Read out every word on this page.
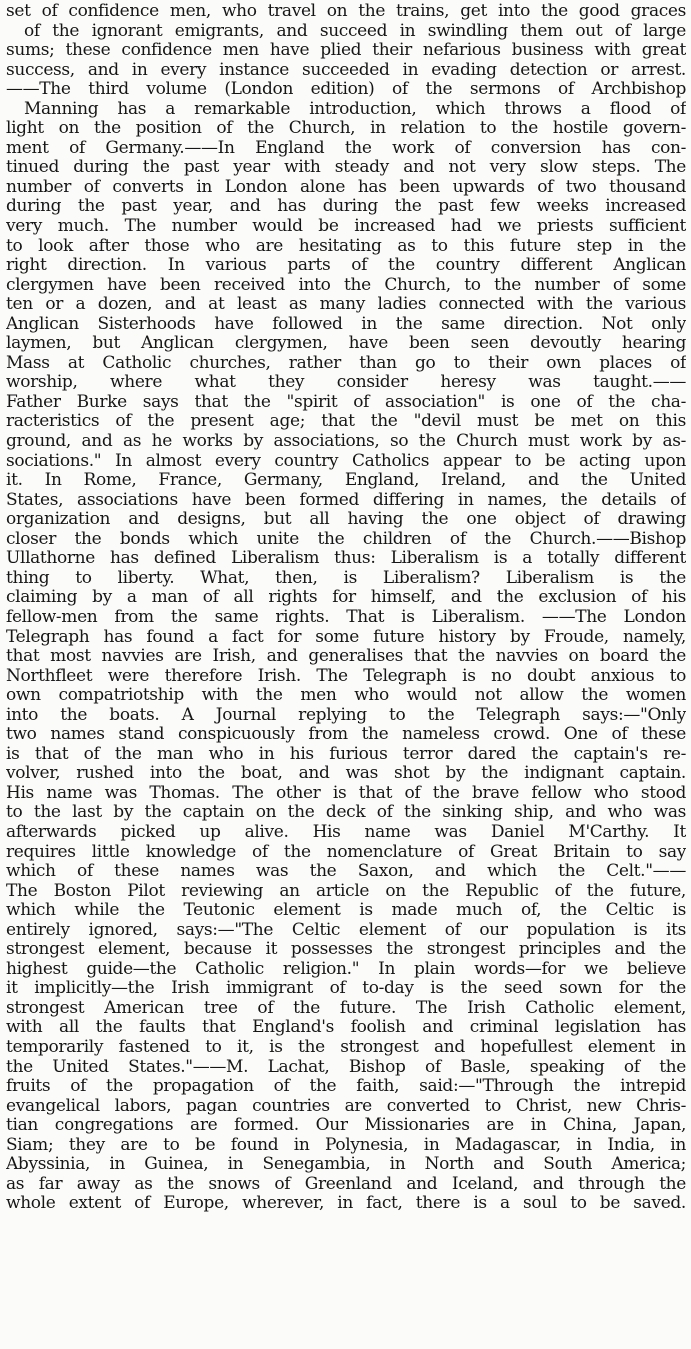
set of confidence men, who travel on the trains, get into the good graces
of the ignorant emigrants, and succeed in swindling them out of large
sums; these confidence men have plied their nefarious business with great
success, and in every instance succeeded in evading detection or arrest.
——The third volume (London edition) of the sermons of Archbishop
Manning has a remarkable introduction, which throws a flood of
light on the position of the Church, in relation to the hostile govern-
ment of Germany.——In England the work of conversion has con-
tinued during the past year with steady and not very slow steps. The
number of converts in London alone has been upwards of two thousand
during the past year, and has during the past few weeks increased
very much. The number would be increased had we priests sufficient
to look after those who are hesitating as to this future step in the
right direction. In various parts of the country different Anglican
clergymen have been received into the Church, to the number of some
ten or a dozen, and at least as many ladies connected with the various
Anglican Sisterhoods have followed in the same direction. Not only
laymen, but Anglican clergymen, have been seen devoutly hearing
Mass at Catholic churches, rather than go to their own places of
worship, where what they consider heresy was taught.——
Father Burke says that the "spirit of association" is one of the cha-
racteristics of the present age; that the "devil must be met on this
ground, and as he works by associations, so the Church must work by as-
sociations." In almost every country Catholics appear to be acting upon
it. In Rome, France, Germany, England, Ireland, and the United
States, associations have been formed differing in names, the details of
organization and designs, but all having the one object of drawing
closer the bonds which unite the children of the Church.——Bishop
Ullathorne has defined Liberalism thus: Liberalism is a totally different
thing to liberty. What, then, is Liberalism? Liberalism is the
claiming by a man of all rights for himself, and the exclusion of his
fellow-men from the same rights. That is Liberalism. ——The London
Telegraph has found a fact for some future history by Froude, namely,
that most navvies are Irish, and generalises that the navvies on board the
Northfleet were therefore Irish. The Telegraph is no doubt anxious to
own compatriotship with the men who would not allow the women
into the boats. A Journal replying to the Telegraph says:—"Only
two names stand conspicuously from the nameless crowd. One of these
is that of the man who in his furious terror dared the captain's re-
volver, rushed into the boat, and was shot by the indignant captain.
His name was Thomas. The other is that of the brave fellow who stood
to the last by the captain on the deck of the sinking ship, and who was
afterwards picked up alive. His name was Daniel M'Carthy. It
requires little knowledge of the nomenclature of Great Britain to say
which of these names was the Saxon, and which the Celt."——
The Boston Pilot reviewing an article on the Republic of the future,
which while the Teutonic element is made much of, the Celtic is
entirely ignored, says:—"The Celtic element of our population is its
strongest element, because it possesses the strongest principles and the
highest guide—the Catholic religion." In plain words—for we believe
it implicitly—the Irish immigrant of to-day is the seed sown for the
strongest American tree of the future. The Irish Catholic element,
with all the faults that England's foolish and criminal legislation has
temporarily fastened to it, is the strongest and hopefullest element in
the United States."——M. Lachat, Bishop of Basle, speaking of the
fruits of the propagation of the faith, said:—"Through the intrepid
evangelical labors, pagan countries are converted to Christ, new Chris-
tian congregations are formed. Our Missionaries are in China, Japan,
Siam; they are to be found in Polynesia, in Madagascar, in India, in
Abyssinia, in Guinea, in Senegambia, in North and South America;
as far away as the snows of Greenland and Iceland, and through the
whole extent of Europe, wherever, in fact, there is a soul to be saved.
